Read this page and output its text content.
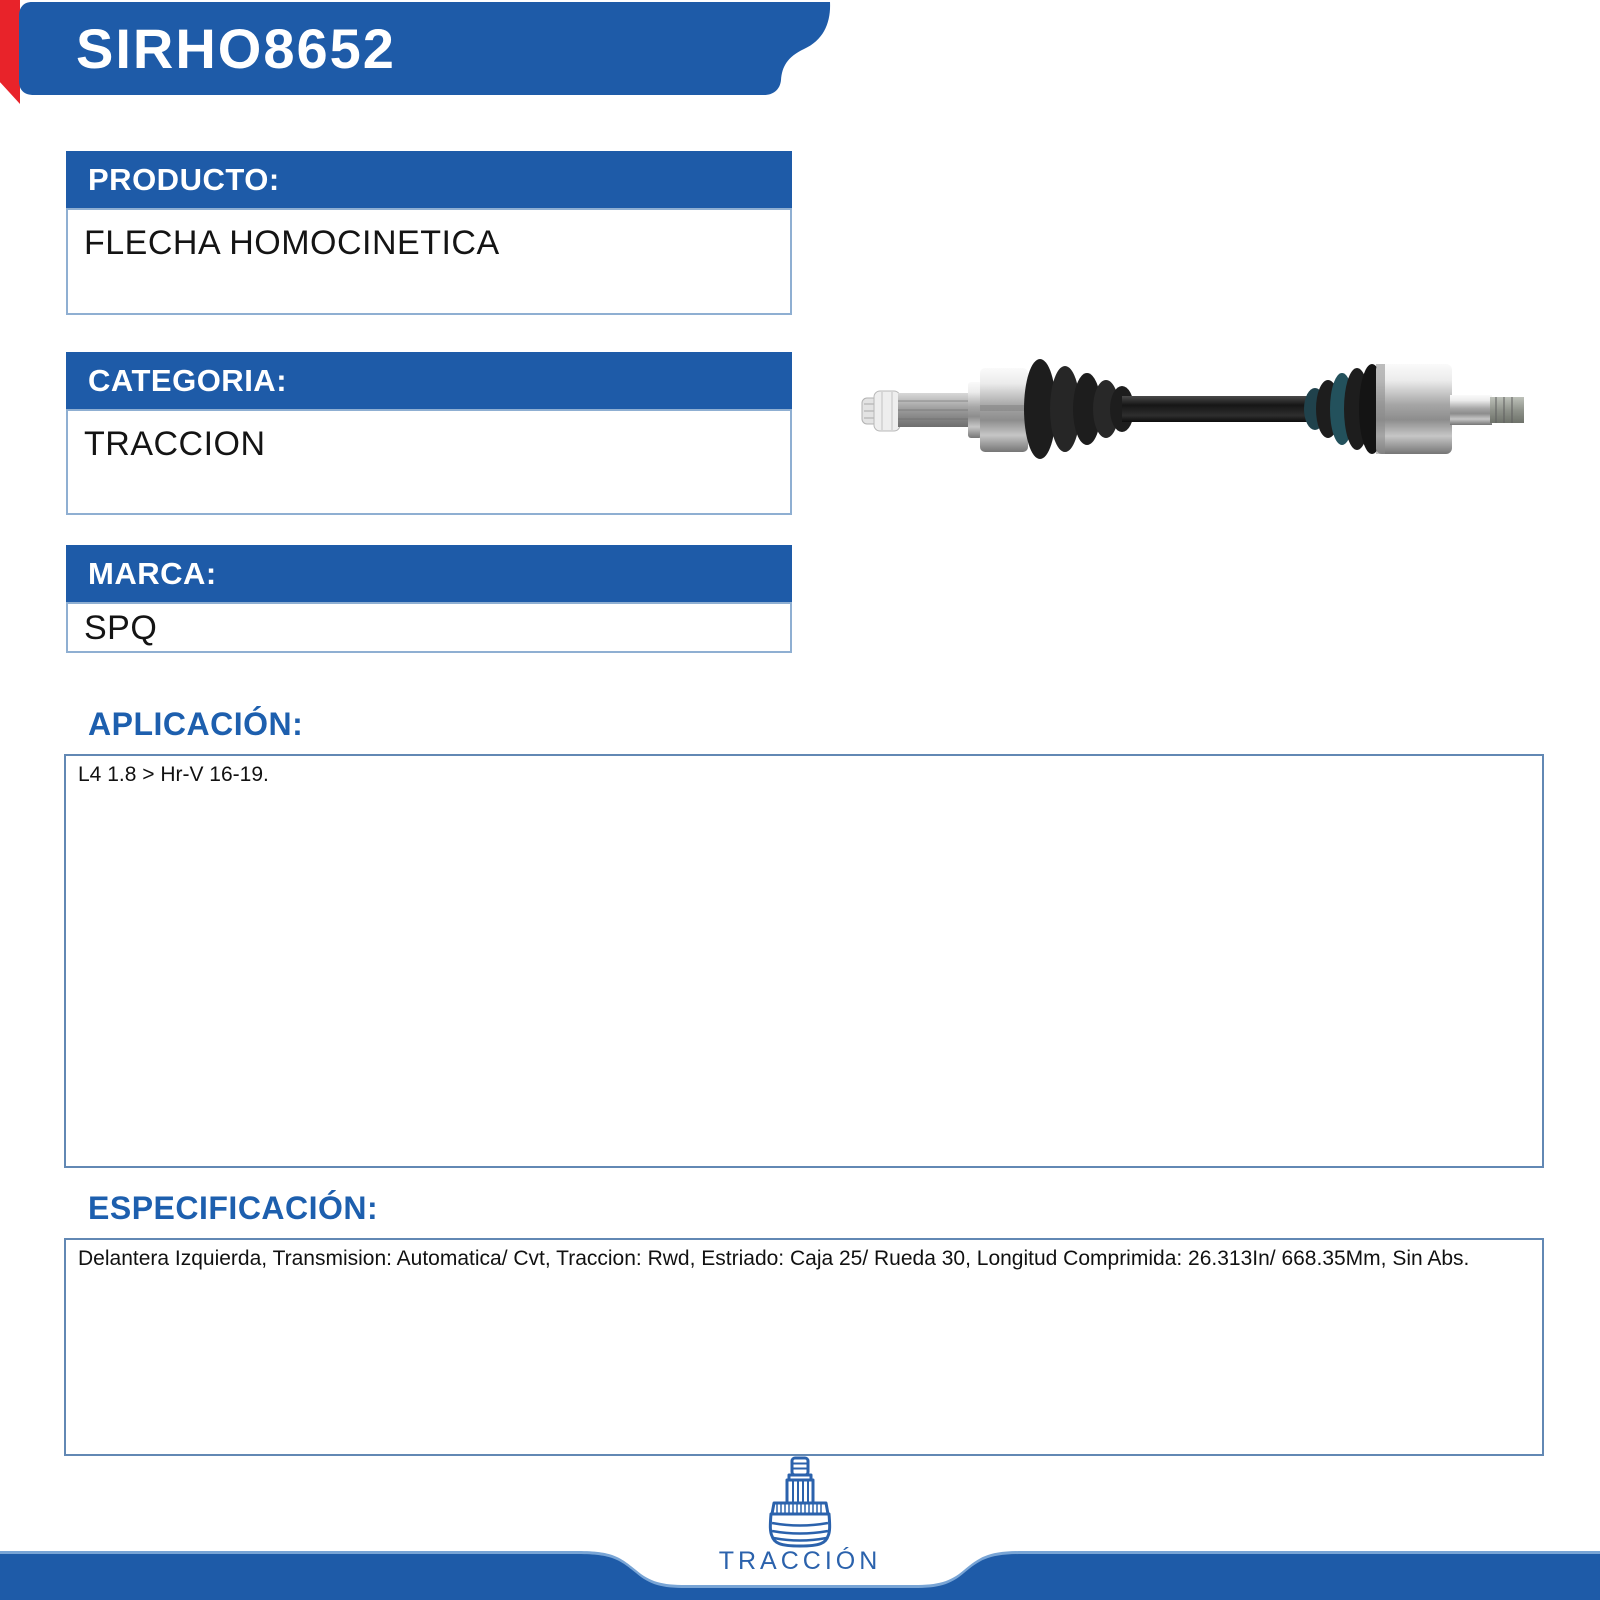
SIRHO8652
PRODUCTO:
FLECHA HOMOCINETICA
CATEGORIA:
TRACCION
MARCA:
SPQ
APLICACIÓN:
L4 1.8 > Hr-V 16-19.
ESPECIFICACIÓN:
Delantera Izquierda, Transmision: Automatica/ Cvt, Traccion: Rwd, Estriado: Caja 25/ Rueda 30, Longitud Comprimida: 26.313In/ 668.35Mm, Sin Abs.
TRACCIÓN
